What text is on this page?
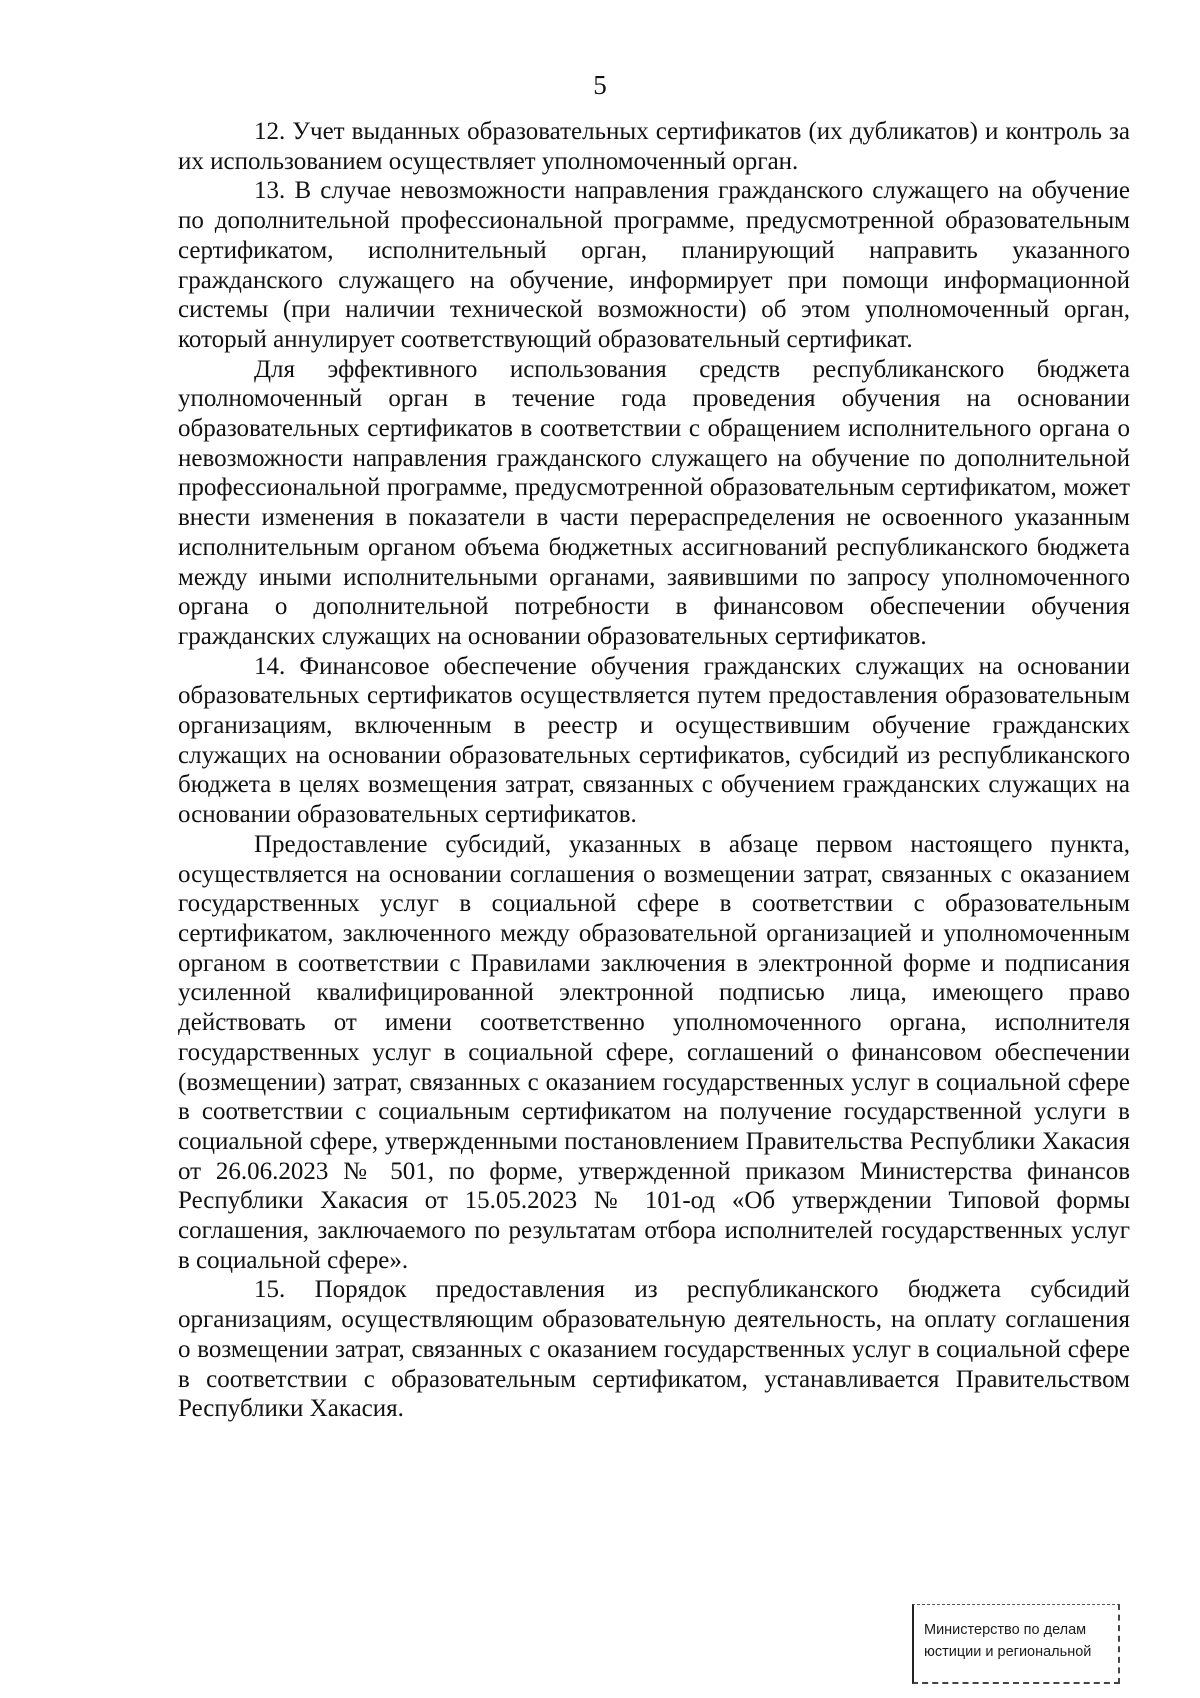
5

12. Учет выданных образовательных сертификатов (их дубликатов) и контроль за их использованием осуществляет уполномоченный орган.

13. В случае невозможности направления гражданского служащего на обучение по дополнительной профессиональной программе, предусмотренной образовательным сертификатом, исполнительный орган, планирующий направить указанного гражданского служащего на обучение, информирует при помощи информационной системы (при наличии технической возможности) об этом уполномоченный орган, который аннулирует соответствующий образовательный сертификат.

Для эффективного использования средств республиканского бюджета уполномоченный орган в течение года проведения обучения на основании образовательных сертификатов в соответствии с обращением исполнительного органа о невозможности направления гражданского служащего на обучение по дополнительной профессиональной программе, предусмотренной образовательным сертификатом, может внести изменения в показатели в части перераспределения не освоенного указанным исполнительным органом объема бюджетных ассигнований республиканского бюджета между иными исполнительными органами, заявившими по запросу уполномоченного органа о дополнительной потребности в финансовом обеспечении обучения гражданских служащих на основании образовательных сертификатов.

14. Финансовое обеспечение обучения гражданских служащих на основании образовательных сертификатов осуществляется путем предоставления образовательным организациям, включенным в реестр и осуществившим обучение гражданских служащих на основании образовательных сертификатов, субсидий из республиканского бюджета в целях возмещения затрат, связанных с обучением гражданских служащих на основании образовательных сертификатов.

Предоставление субсидий, указанных в абзаце первом настоящего пункта, осуществляется на основании соглашения о возмещении затрат, связанных с оказанием государственных услуг в социальной сфере в соответствии с образовательным сертификатом, заключенного между образовательной организацией и уполномоченным органом в соответствии с Правилами заключения в электронной форме и подписания усиленной квалифицированной электронной подписью лица, имеющего право действовать от имени соответственно уполномоченного органа, исполнителя государственных услуг в социальной сфере, соглашений о финансовом обеспечении (возмещении) затрат, связанных с оказанием государственных услуг в социальной сфере в соответствии с социальным сертификатом на получение государственной услуги в социальной сфере, утвержденными постановлением Правительства Республики Хакасия от 26.06.2023 № 501, по форме, утвержденной приказом Министерства финансов Республики Хакасия от 15.05.2023 № 101-од «Об утверждении Типовой формы соглашения, заключаемого по результатам отбора исполнителей государственных услуг в социальной сфере».

15. Порядок предоставления из республиканского бюджета субсидий организациям, осуществляющим образовательную деятельность, на оплату соглашения о возмещении затрат, связанных с оказанием государственных услуг в социальной сфере в соответствии с образовательным сертификатом, устанавливается Правительством Республики Хакасия.

Министерство по делам
юстиции и региональной
